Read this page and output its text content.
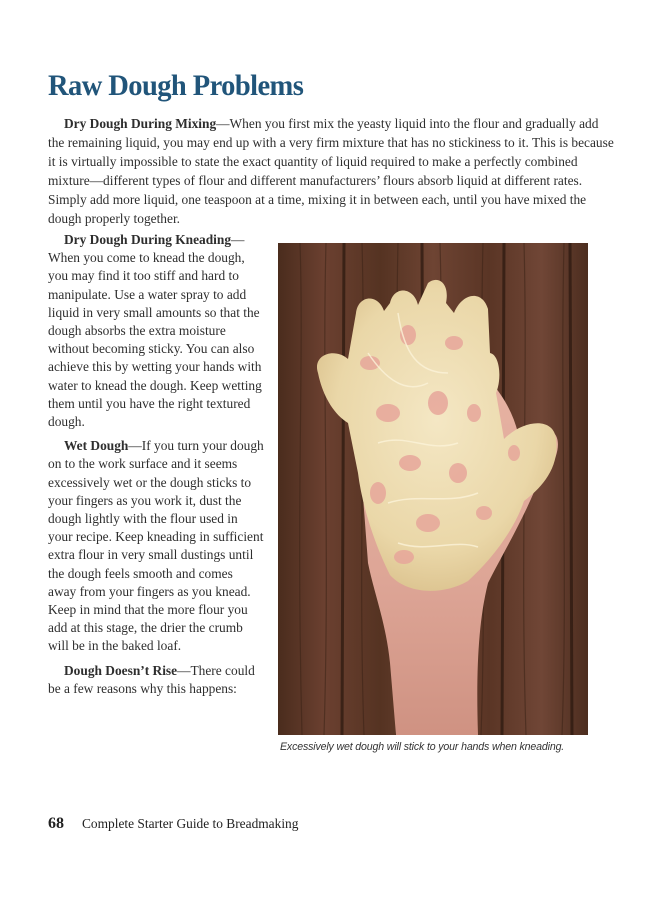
Raw Dough Problems

Dry Dough During Mixing—When you first mix the yeasty liquid into the flour and gradually add the remaining liquid, you may end up with a very firm mixture that has no stickiness to it. This is because it is virtually impossible to state the exact quantity of liquid required to make a perfectly combined mixture—different types of flour and different manufacturers’ flours absorb liquid at different rates. Simply add more liquid, one teaspoon at a time, mixing it in between each, until you have mixed the dough properly together.

Dry Dough During Kneading—When you come to knead the dough, you may find it too stiff and hard to manipulate. Use a water spray to add liquid in very small amounts so that the dough absorbs the extra moisture without becoming sticky. You can also achieve this by wetting your hands with water to knead the dough. Keep wetting them until you have the right textured dough.

Wet Dough—If you turn your dough on to the work surface and it seems excessively wet or the dough sticks to your fingers as you work it, dust the dough lightly with the flour used in your recipe. Keep kneading in sufficient extra flour in very small dustings until the dough feels smooth and comes away from your fingers as you knead. Keep in mind that the more flour you add at this stage, the drier the crumb will be in the baked loaf.

Dough Doesn’t Rise—There could be a few reasons why this happens:

Excessively wet dough will stick to your hands when kneading.
68 Complete Starter Guide to Breadmaking
